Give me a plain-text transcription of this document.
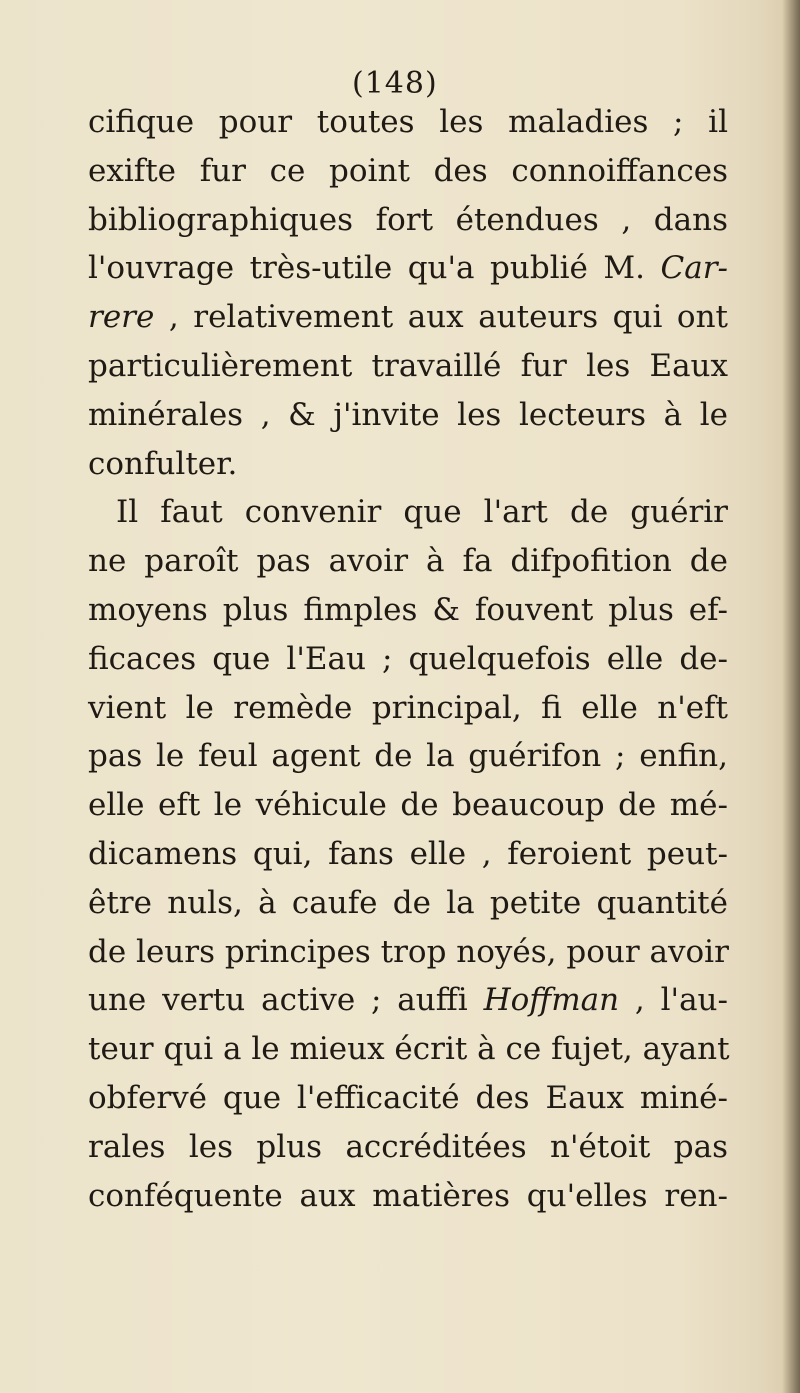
(148)
cifique pour toutes les maladies ; il
exifte fur ce point des connoiffances
bibliographiques fort étendues , dans
l'ouvrage très-utile qu'a publié M. Car-
rere , relativement aux auteurs qui ont
particulièrement travaillé fur les Eaux
minérales , & j'invite les lecteurs à le
confulter.
Il faut convenir que l'art de guérir
ne paroît pas avoir à fa difpofition de
moyens plus fimples & fouvent plus ef-
ficaces que l'Eau ; quelquefois elle de-
vient le remède principal, fi elle n'eft
pas le feul agent de la guérifon ; enfin,
elle eft le véhicule de beaucoup de mé-
dicamens qui, fans elle , feroient peut-
être nuls, à caufe de la petite quantité
de leurs principes trop noyés, pour avoir
une vertu active ; auffi Hoffman , l'au-
teur qui a le mieux écrit à ce fujet, ayant
obfervé que l'efficacité des Eaux miné-
rales les plus accréditées n'étoit pas
conféquente aux matières qu'elles ren-
